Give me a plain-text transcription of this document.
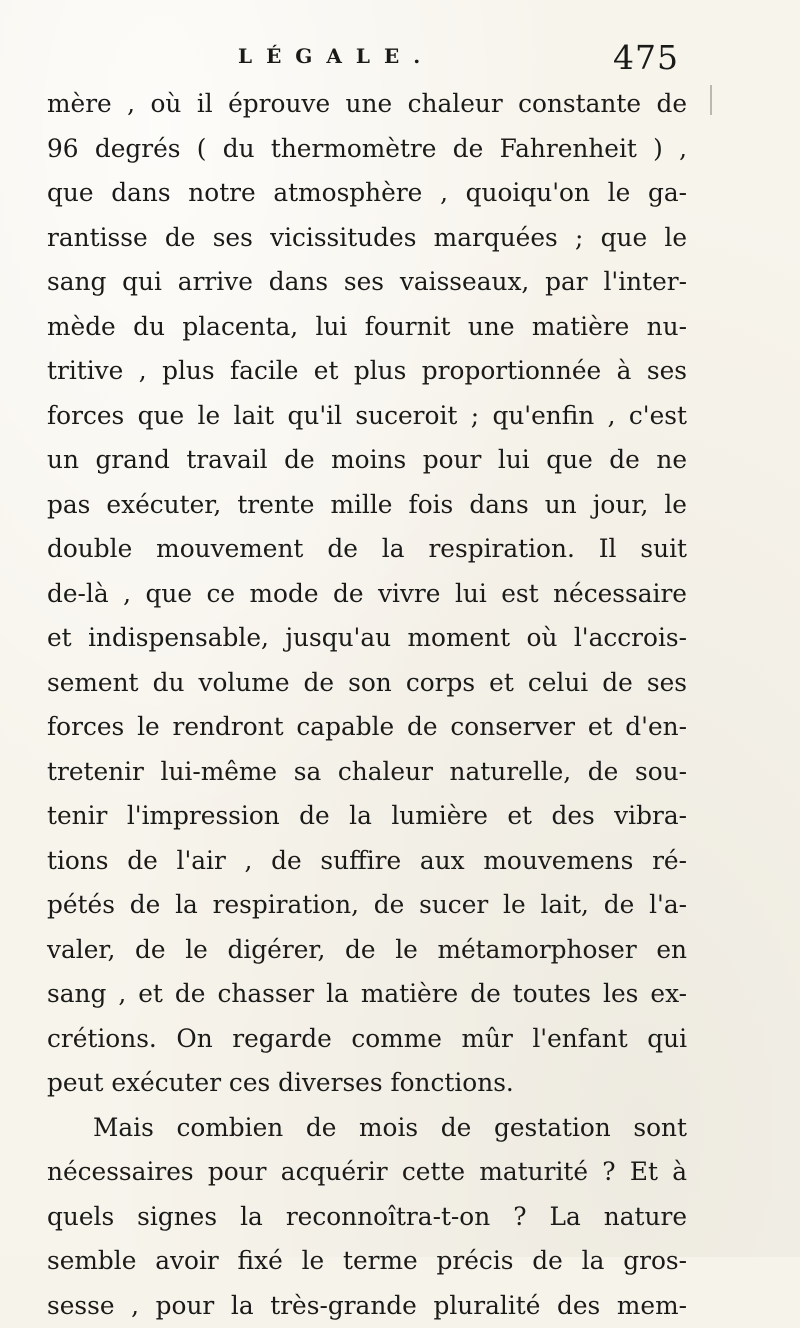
LÉGALE.	475
mère , où il éprouve une chaleur constante de
96 degrés ( du thermomètre de Fahrenheit ) ,
que dans notre atmosphère , quoiqu'on le ga-
rantisse de ses vicissitudes marquées ; que le
sang qui arrive dans ses vaisseaux, par l'inter-
mède du placenta, lui fournit une matière nu-
tritive , plus facile et plus proportionnée à ses
forces que le lait qu'il suceroit ; qu'enfin , c'est
un grand travail de moins pour lui que de ne
pas exécuter, trente mille fois dans un jour, le
double mouvement de la respiration. Il suit
de-là , que ce mode de vivre lui est nécessaire
et indispensable, jusqu'au moment où l'accrois-
sement du volume de son corps et celui de ses
forces le rendront capable de conserver et d'en-
tretenir lui-même sa chaleur naturelle, de sou-
tenir l'impression de la lumière et des vibra-
tions de l'air , de suffire aux mouvemens ré-
pétés de la respiration, de sucer le lait, de l'a-
valer, de le digérer, de le métamorphoser en
sang , et de chasser la matière de toutes les ex-
crétions. On regarde comme mûr l'enfant qui
peut exécuter ces diverses fonctions.
Mais combien de mois de gestation sont
nécessaires pour acquérir cette maturité ? Et à
quels signes la reconnoîtra-t-on ? La nature
semble avoir fixé le terme précis de la gros-
sesse , pour la très-grande pluralité des mem-
